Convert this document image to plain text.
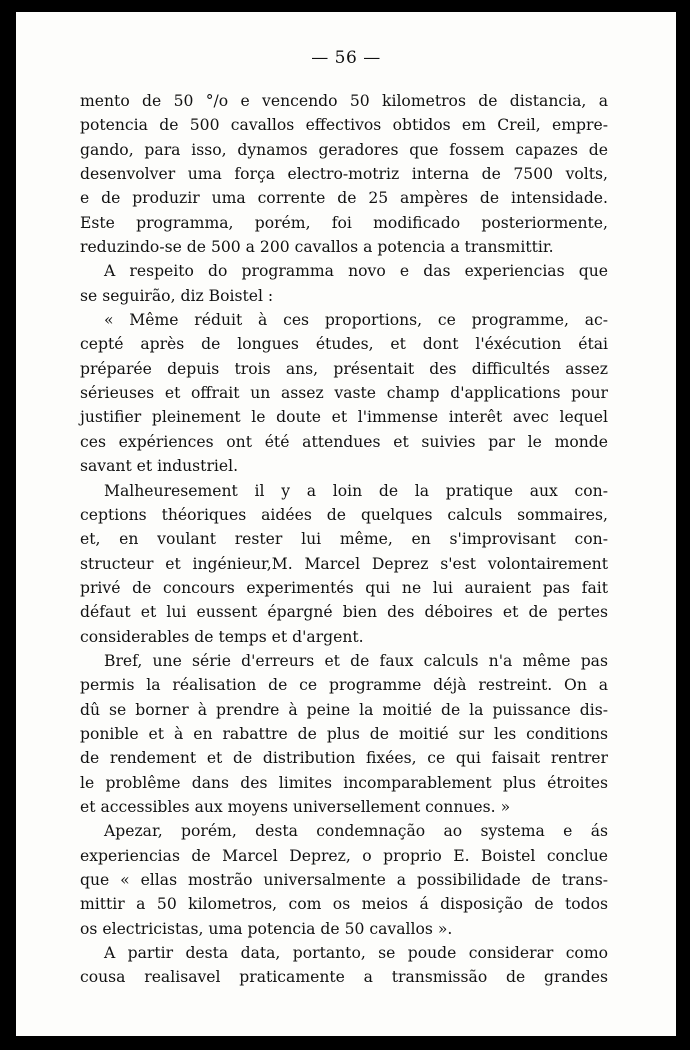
— 56 —
mento de 50 °/o e vencendo 50 kilometros de distancia, a
potencia de 500 cavallos effectivos obtidos em Creil, empre-
gando, para isso, dynamos geradores que fossem capazes de
desenvolver uma força electro-motriz interna de 7500 volts,
e de produzir uma corrente de 25 ampères de intensidade.
Este programma, porém, foi modificado posteriormente,
reduzindo-se de 500 a 200 cavallos a potencia a transmittir.
A respeito do programma novo e das experiencias que
se seguirão, diz Boistel :
« Même réduit à ces proportions, ce programme, ac-
cepté après de longues études, et dont l'éxécution étai
préparée depuis trois ans, présentait des difficultés assez
sérieuses et offrait un assez vaste champ d'applications pour
justifier pleinement le doute et l'immense interêt avec lequel
ces expériences ont été attendues et suivies par le monde
savant et industriel.
Malheuresement il y a loin de la pratique aux con-
ceptions théoriques aidées de quelques calculs sommaires,
et, en voulant rester lui même, en s'improvisant con-
structeur et ingénieur,M. Marcel Deprez s'est volontairement
privé de concours experimentés qui ne lui auraient pas fait
défaut et lui eussent épargné bien des déboires et de pertes
considerables de temps et d'argent.
Bref, une série d'erreurs et de faux calculs n'a même pas
permis la réalisation de ce programme déjà restreint. On a
dû se borner à prendre à peine la moitié de la puissance dis-
ponible et à en rabattre de plus de moitié sur les conditions
de rendement et de distribution fixées, ce qui faisait rentrer
le problême dans des limites incomparablement plus étroites
et accessibles aux moyens universellement connues. »
Apezar, porém, desta condemnação ao systema e ás
experiencias de Marcel Deprez, o proprio E. Boistel conclue
que « ellas mostrão universalmente a possibilidade de trans-
mittir a 50 kilometros, com os meios á disposição de todos
os electricistas, uma potencia de 50 cavallos ».
A partir desta data, portanto, se poude considerar como
cousa realisavel praticamente a transmissão de grandes
